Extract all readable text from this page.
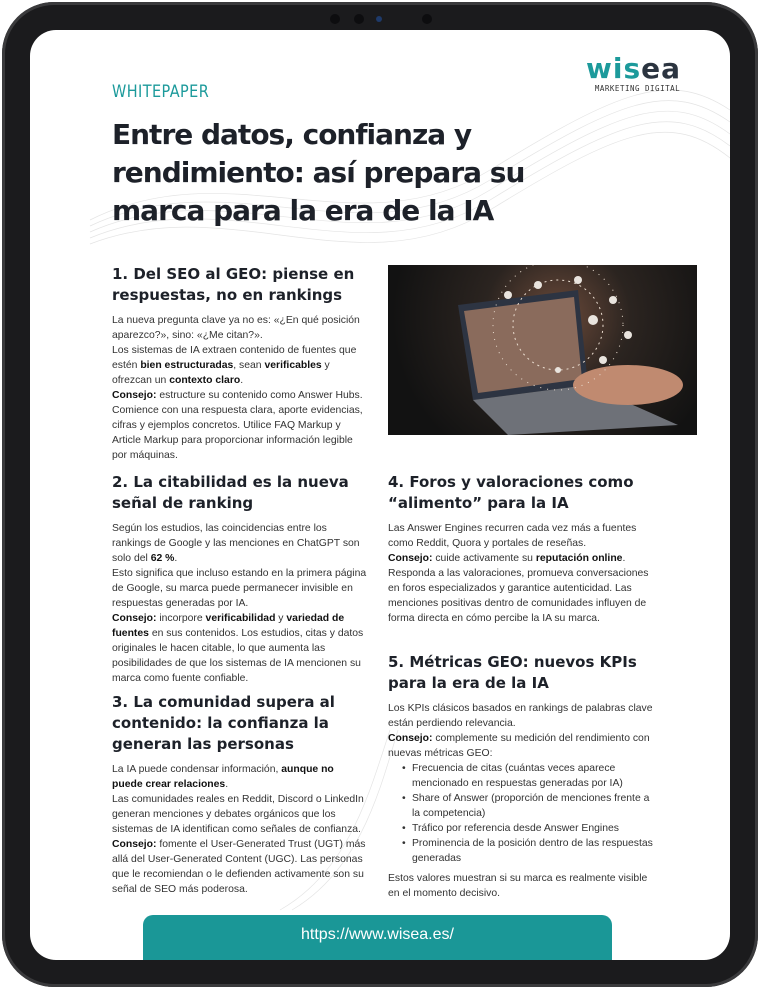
WHITEPAPER
wisea
MARKETING DIGITAL
Entre datos, confianza y rendimiento: así prepara su marca para la era de la IA
1. Del SEO al GEO: piense en respuestas, no en rankings

La nueva pregunta clave ya no es: «¿En qué posición aparezco?», sino: «¿Me citan?».

Los sistemas de IA extraen contenido de fuentes que estén bien estructuradas, sean verificables y ofrezcan un contexto claro.

Consejo: estructure su contenido como Answer Hubs. Comience con una respuesta clara, aporte evidencias, cifras y ejemplos concretos. Utilice FAQ Markup y Article Markup para proporcionar información legible por máquinas.

2. La citabilidad es la nueva señal de ranking

Según los estudios, las coincidencias entre los rankings de Google y las menciones en ChatGPT son solo del 62 %.

Esto significa que incluso estando en la primera página de Google, su marca puede permanecer invisible en respuestas generadas por IA.

Consejo: incorpore verificabilidad y variedad de fuentes en sus contenidos. Los estudios, citas y datos originales le hacen citable, lo que aumenta las posibilidades de que los sistemas de IA mencionen su marca como fuente confiable.

3. La comunidad supera al contenido: la confianza la generan las personas

La IA puede condensar información, aunque no puede crear relaciones.

Las comunidades reales en Reddit, Discord o LinkedIn generan menciones y debates orgánicos que los sistemas de IA identifican como señales de confianza.

Consejo: fomente el User-Generated Trust (UGT) más allá del User-Generated Content (UGC). Las personas que le recomiendan o le defienden activamente son su señal de SEO más poderosa.

4. Foros y valoraciones como “alimento” para la IA

Las Answer Engines recurren cada vez más a fuentes como Reddit, Quora y portales de reseñas.

Consejo: cuide activamente su reputación online. Responda a las valoraciones, promueva conversaciones en foros especializados y garantice autenticidad. Las menciones positivas dentro de comunidades influyen de forma directa en cómo percibe la IA su marca.

5. Métricas GEO: nuevos KPIs para la era de la IA

Los KPIs clásicos basados en rankings de palabras clave están perdiendo relevancia.

Consejo: complemente su medición del rendimiento con nuevas métricas GEO:

• Frecuencia de citas (cuántas veces aparece mencionado en respuestas generadas por IA)
• Share of Answer (proporción de menciones frente a la competencia)
• Tráfico por referencia desde Answer Engines
• Prominencia de la posición dentro de las respuestas generadas

Estos valores muestran si su marca es realmente visible en el momento decisivo.

https://www.wisea.es/
